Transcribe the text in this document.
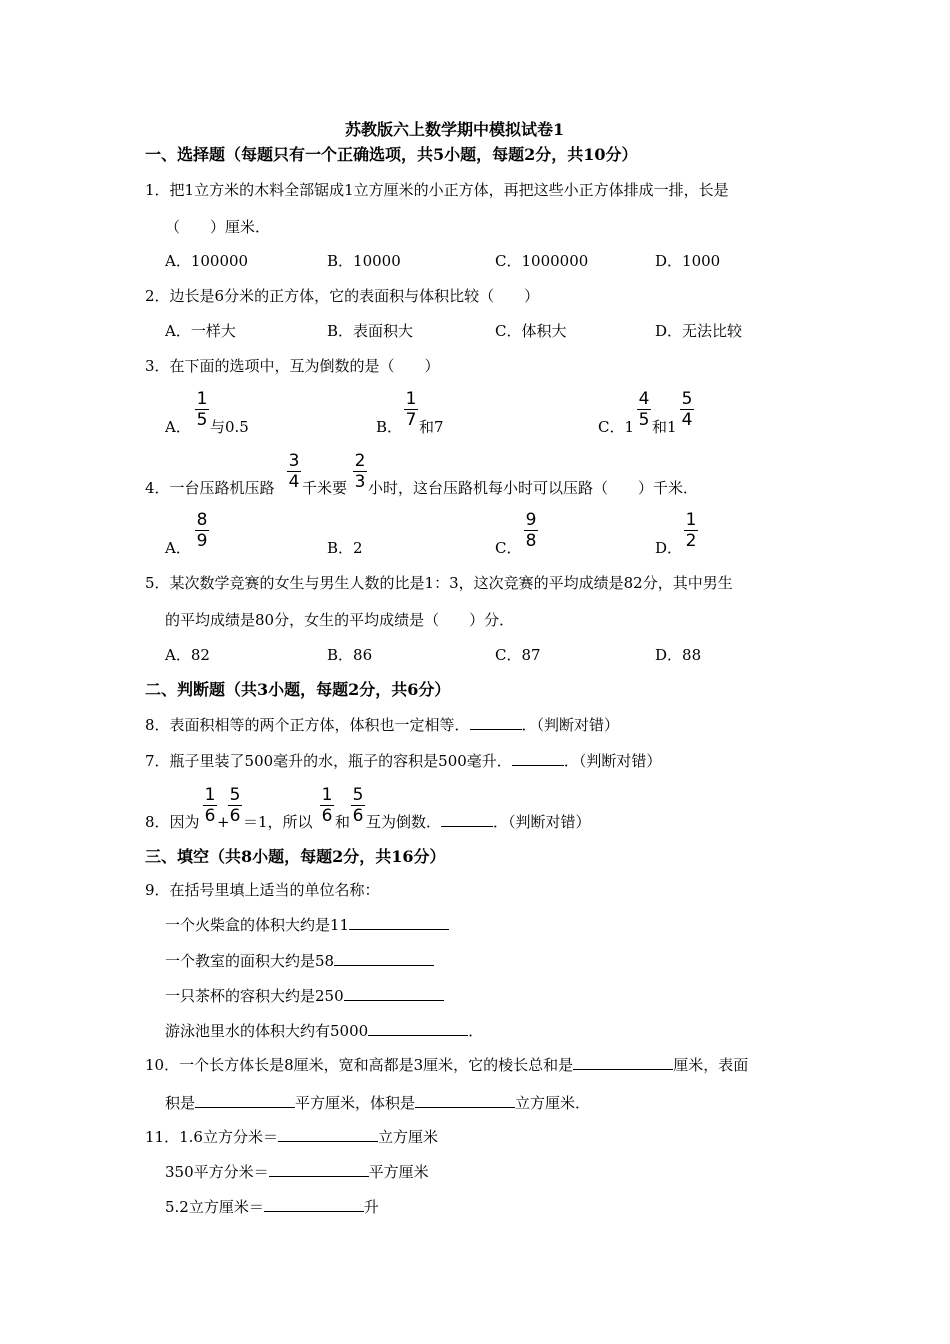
苏教版六上数学期中模拟试卷1
一、选择题（每题只有一个正确选项，共5小题，每题2分，共10分）
1．把1立方米的木料全部锯成1立方厘米的小正方体，再把这些小正方体排成一排，长是
（　　）厘米．
A．100000	B．10000	C．1000000	D．1000
2．边长是6分米的正方体，它的表面积与体积比较（　　）
A．一样大	B．表面积大	C．体积大	D．无法比较
3．在下面的选项中，互为倒数的是（　　）
A．
1
5 与0.5	B．
1
7 和7	C．1
4
5 和1
5
4
4．一台压路机压路
3
4 千米要
2
3 小时，这台压路机每小时可以压路（　　）千米．
A．
8
9	B．2	C．
9
8	D．
1
2
5．某次数学竞赛的女生与男生人数的比是1：3，这次竞赛的平均成绩是82分，其中男生
的平均成绩是80分，女生的平均成绩是（　　）分．
A．82	B．86	C．87	D．88
二、判断题（共3小题，每题2分，共6分）
8．表面积相等的两个正方体，体积也一定相等．	．（判断对错）
7．瓶子里装了500毫升的水，瓶子的容积是500毫升．	．（判断对错）
8．因为
1
6 +
5
6 ＝1，所以
1
6 和
5
6 互为倒数．	．（判断对错）
三、填空（共8小题，每题2分，共16分）
9．在括号里填上适当的单位名称：
一个火柴盒的体积大约是11
一个教室的面积大约是58
一只茶杯的容积大约是250
游泳池里水的体积大约有5000	．
10．一个长方体长是8厘米，宽和高都是3厘米，它的棱长总和是	厘米，表面
积是	平方厘米，体积是	立方厘米．
11．1.6立方分米＝	立方厘米
350平方分米＝	平方厘米
5.2立方厘米＝	升
